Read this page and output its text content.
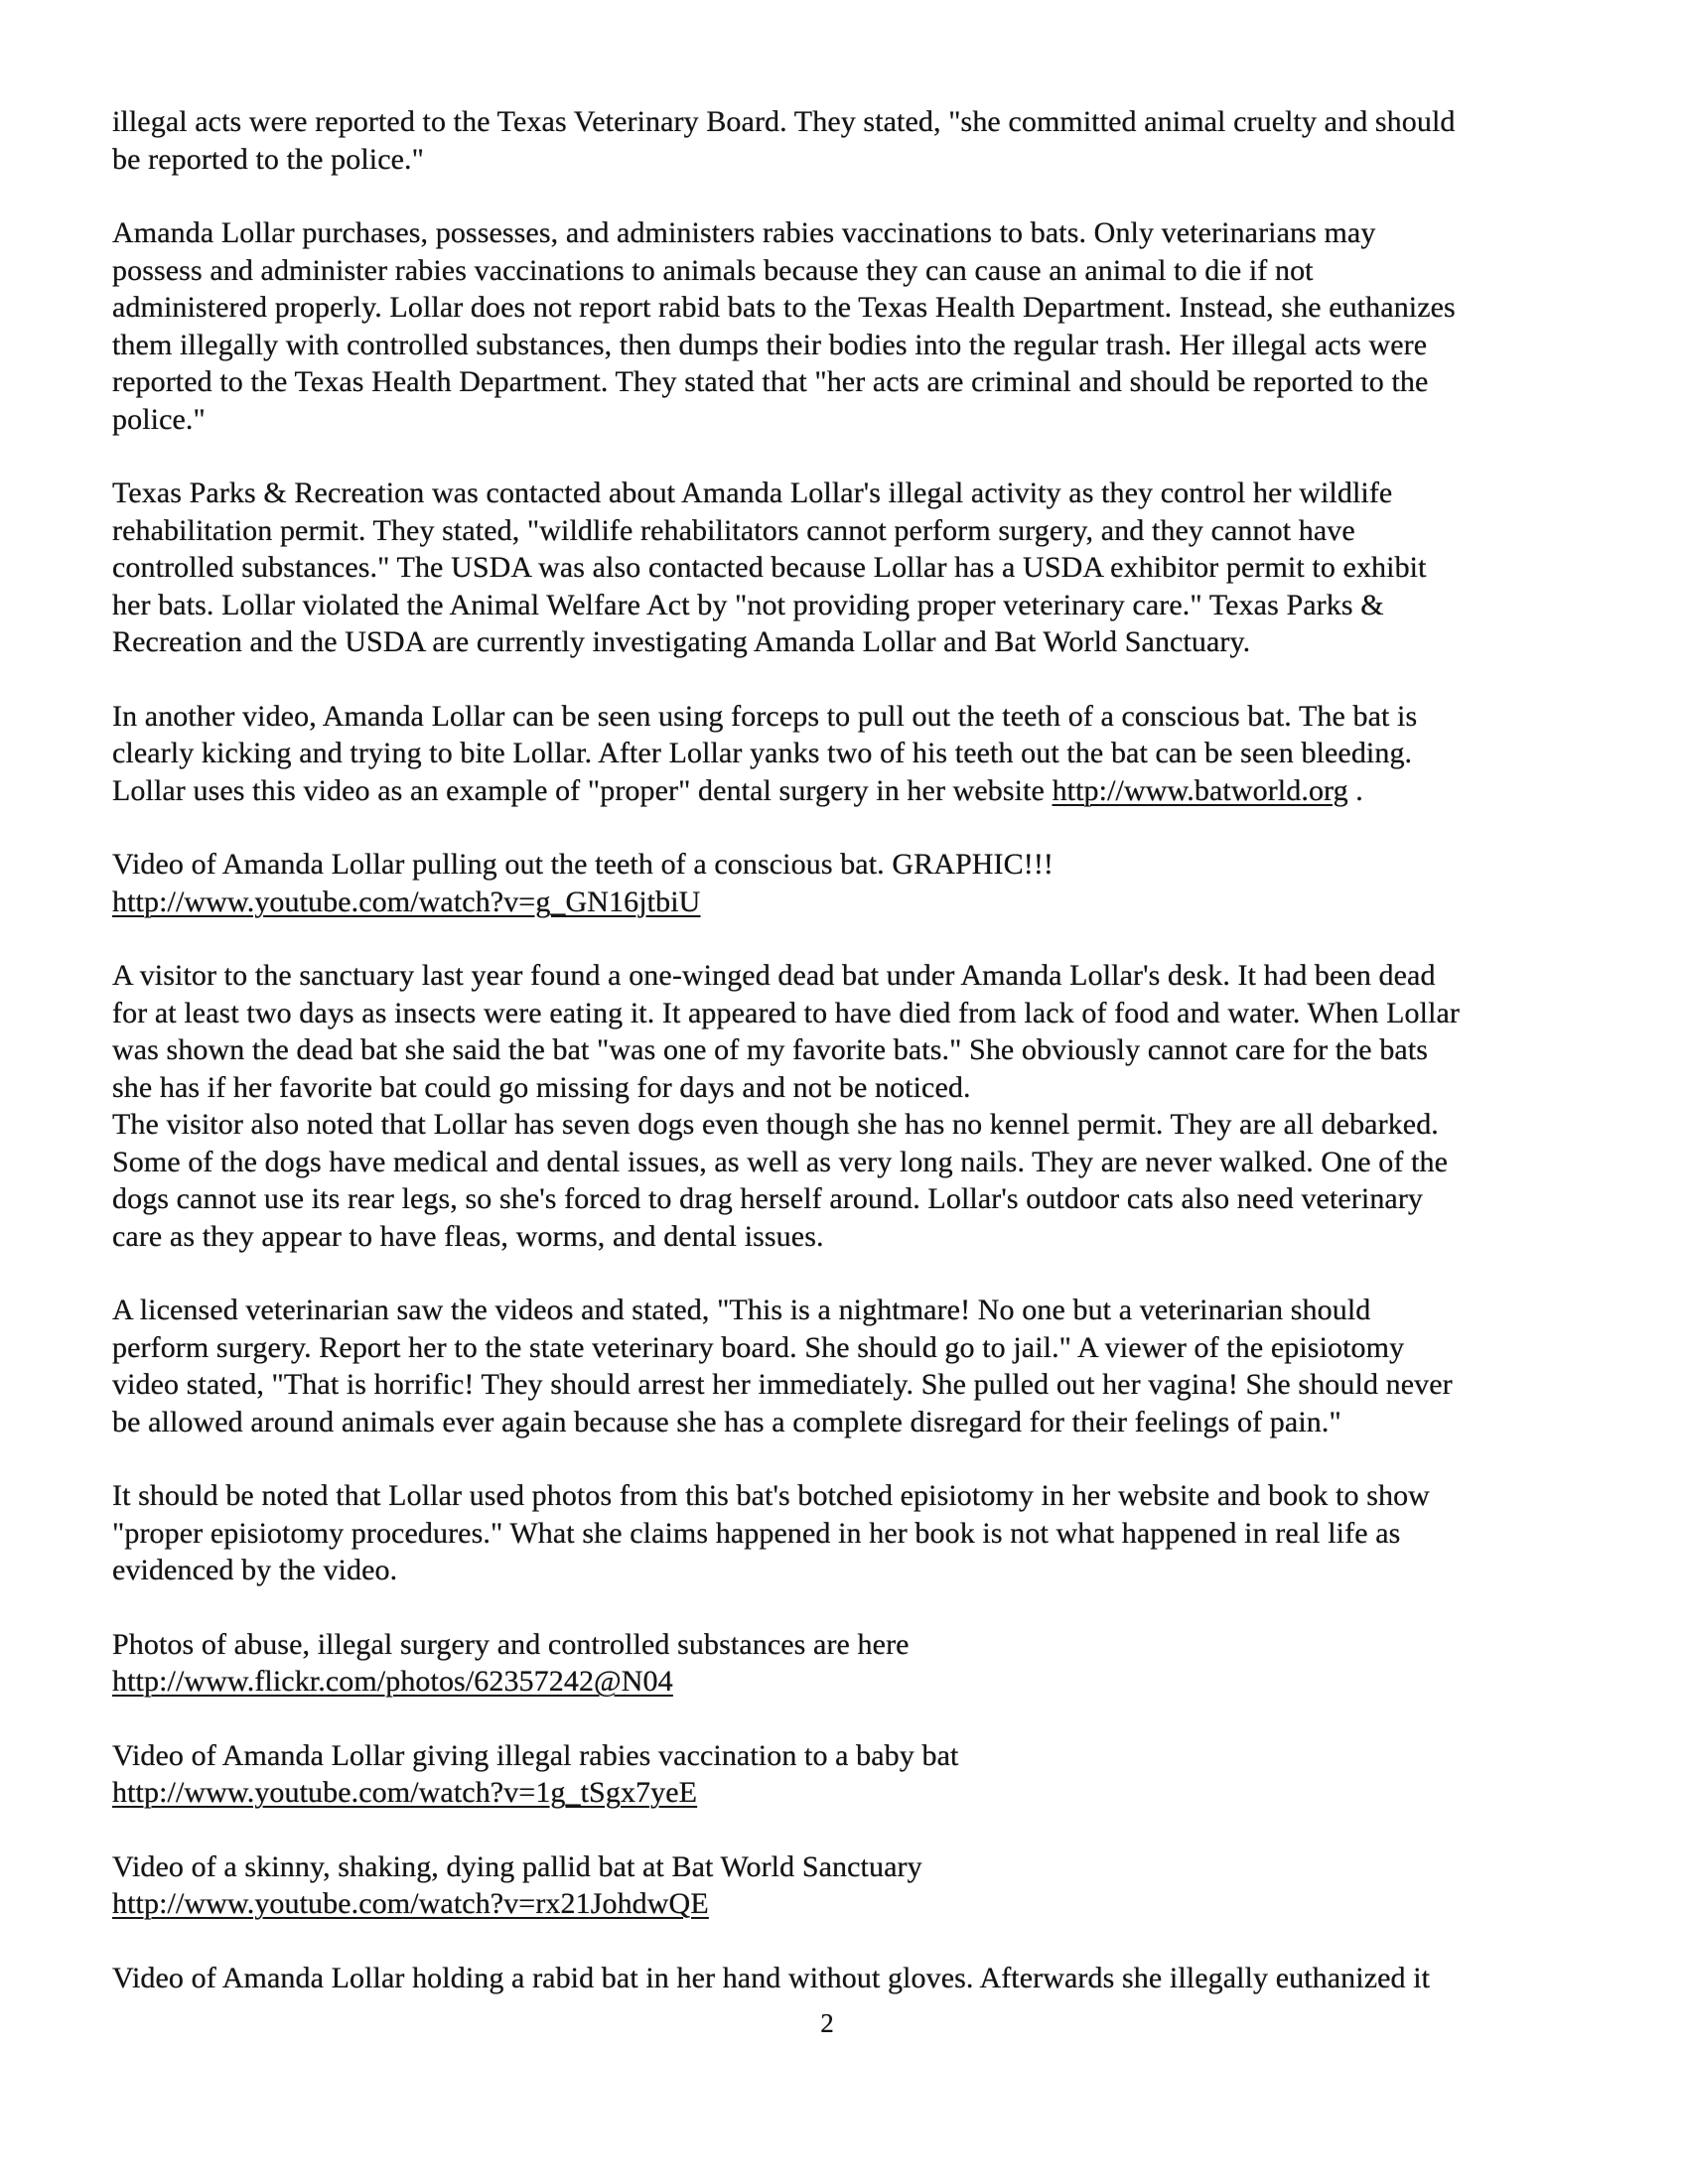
illegal acts were reported to the Texas Veterinary Board. They stated, "she committed animal cruelty and should
be reported to the police."
Amanda Lollar purchases, possesses, and administers rabies vaccinations to bats. Only veterinarians may
possess and administer rabies vaccinations to animals because they can cause an animal to die if not
administered properly. Lollar does not report rabid bats to the Texas Health Department. Instead, she euthanizes
them illegally with controlled substances, then dumps their bodies into the regular trash. Her illegal acts were
reported to the Texas Health Department. They stated that "her acts are criminal and should be reported to the
police."
Texas Parks & Recreation was contacted about Amanda Lollar's illegal activity as they control her wildlife
rehabilitation permit. They stated, "wildlife rehabilitators cannot perform surgery, and they cannot have
controlled substances." The USDA was also contacted because Lollar has a USDA exhibitor permit to exhibit
her bats. Lollar violated the Animal Welfare Act by "not providing proper veterinary care." Texas Parks &
Recreation and the USDA are currently investigating Amanda Lollar and Bat World Sanctuary.
In another video, Amanda Lollar can be seen using forceps to pull out the teeth of a conscious bat. The bat is
clearly kicking and trying to bite Lollar. After Lollar yanks two of his teeth out the bat can be seen bleeding.
Lollar uses this video as an example of "proper" dental surgery in her website http://www.batworld.org .
Video of Amanda Lollar pulling out the teeth of a conscious bat. GRAPHIC!!!
http://www.youtube.com/watch?v=g_GN16jtbiU
A visitor to the sanctuary last year found a one-winged dead bat under Amanda Lollar's desk. It had been dead
for at least two days as insects were eating it. It appeared to have died from lack of food and water. When Lollar
was shown the dead bat she said the bat "was one of my favorite bats." She obviously cannot care for the bats
she has if her favorite bat could go missing for days and not be noticed.
The visitor also noted that Lollar has seven dogs even though she has no kennel permit. They are all debarked.
Some of the dogs have medical and dental issues, as well as very long nails. They are never walked. One of the
dogs cannot use its rear legs, so she's forced to drag herself around. Lollar's outdoor cats also need veterinary
care as they appear to have fleas, worms, and dental issues.
A licensed veterinarian saw the videos and stated, "This is a nightmare! No one but a veterinarian should
perform surgery. Report her to the state veterinary board. She should go to jail." A viewer of the episiotomy
video stated, "That is horrific! They should arrest her immediately. She pulled out her vagina! She should never
be allowed around animals ever again because she has a complete disregard for their feelings of pain."
It should be noted that Lollar used photos from this bat's botched episiotomy in her website and book to show
"proper episiotomy procedures." What she claims happened in her book is not what happened in real life as
evidenced by the video.
Photos of abuse, illegal surgery and controlled substances are here
http://www.flickr.com/photos/62357242@N04
Video of Amanda Lollar giving illegal rabies vaccination to a baby bat
http://www.youtube.com/watch?v=1g_tSgx7yeE
Video of a skinny, shaking, dying pallid bat at Bat World Sanctuary
http://www.youtube.com/watch?v=rx21JohdwQE
Video of Amanda Lollar holding a rabid bat in her hand without gloves. Afterwards she illegally euthanized it
2
